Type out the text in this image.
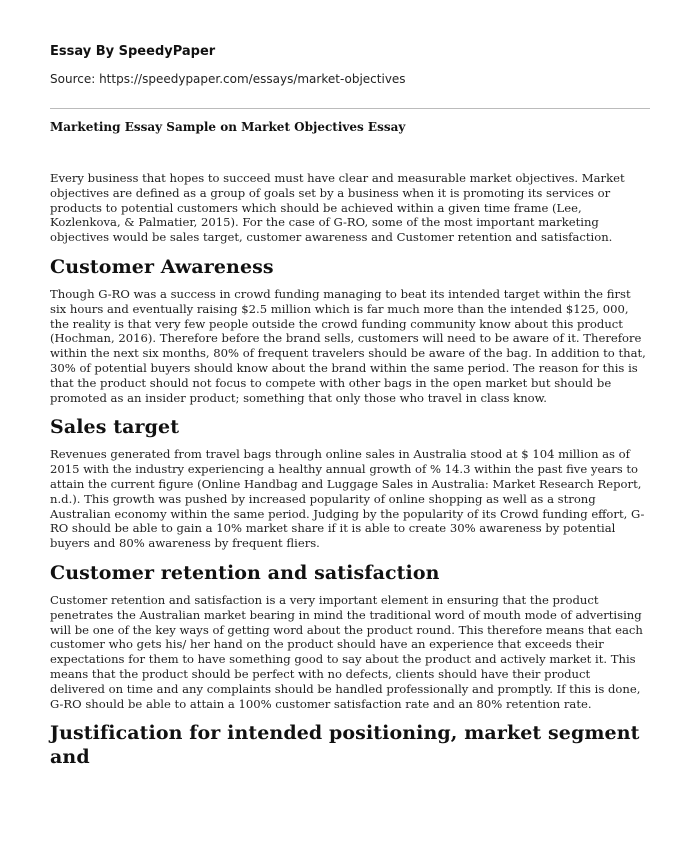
Essay By SpeedyPaper
Source: https://speedypaper.com/essays/market-objectives
Marketing Essay Sample on Market Objectives Essay

Every business that hopes to succeed must have clear and measurable market objectives. Market
objectives are defined as a group of goals set by a business when it is promoting its services or
products to potential customers which should be achieved within a given time frame (Lee,
Kozlenkova, & Palmatier, 2015). For the case of G-RO, some of the most important marketing
objectives would be sales target, customer awareness and Customer retention and satisfaction.

Customer Awareness

Though G-RO was a success in crowd funding managing to beat its intended target within the first
six hours and eventually raising $2.5 million which is far much more than the intended $125, 000,
the reality is that very few people outside the crowd funding community know about this product
(Hochman, 2016). Therefore before the brand sells, customers will need to be aware of it. Therefore
within the next six months, 80% of frequent travelers should be aware of the bag. In addition to that,
30% of potential buyers should know about the brand within the same period. The reason for this is
that the product should not focus to compete with other bags in the open market but should be
promoted as an insider product; something that only those who travel in class know.

Sales target

Revenues generated from travel bags through online sales in Australia stood at $ 104 million as of
2015 with the industry experiencing a healthy annual growth of % 14.3 within the past five years to
attain the current figure (Online Handbag and Luggage Sales in Australia: Market Research Report,
n.d.). This growth was pushed by increased popularity of online shopping as well as a strong
Australian economy within the same period. Judging by the popularity of its Crowd funding effort, G-
RO should be able to gain a 10% market share if it is able to create 30% awareness by potential
buyers and 80% awareness by frequent fliers.

Customer retention and satisfaction

Customer retention and satisfaction is a very important element in ensuring that the product
penetrates the Australian market bearing in mind the traditional word of mouth mode of advertising
will be one of the key ways of getting word about the product round. This therefore means that each
customer who gets his/ her hand on the product should have an experience that exceeds their
expectations for them to have something good to say about the product and actively market it. This
means that the product should be perfect with no defects, clients should have their product
delivered on time and any complaints should be handled professionally and promptly. If this is done,
G-RO should be able to attain a 100% customer satisfaction rate and an 80% retention rate.

Justification for intended positioning, market segment and
